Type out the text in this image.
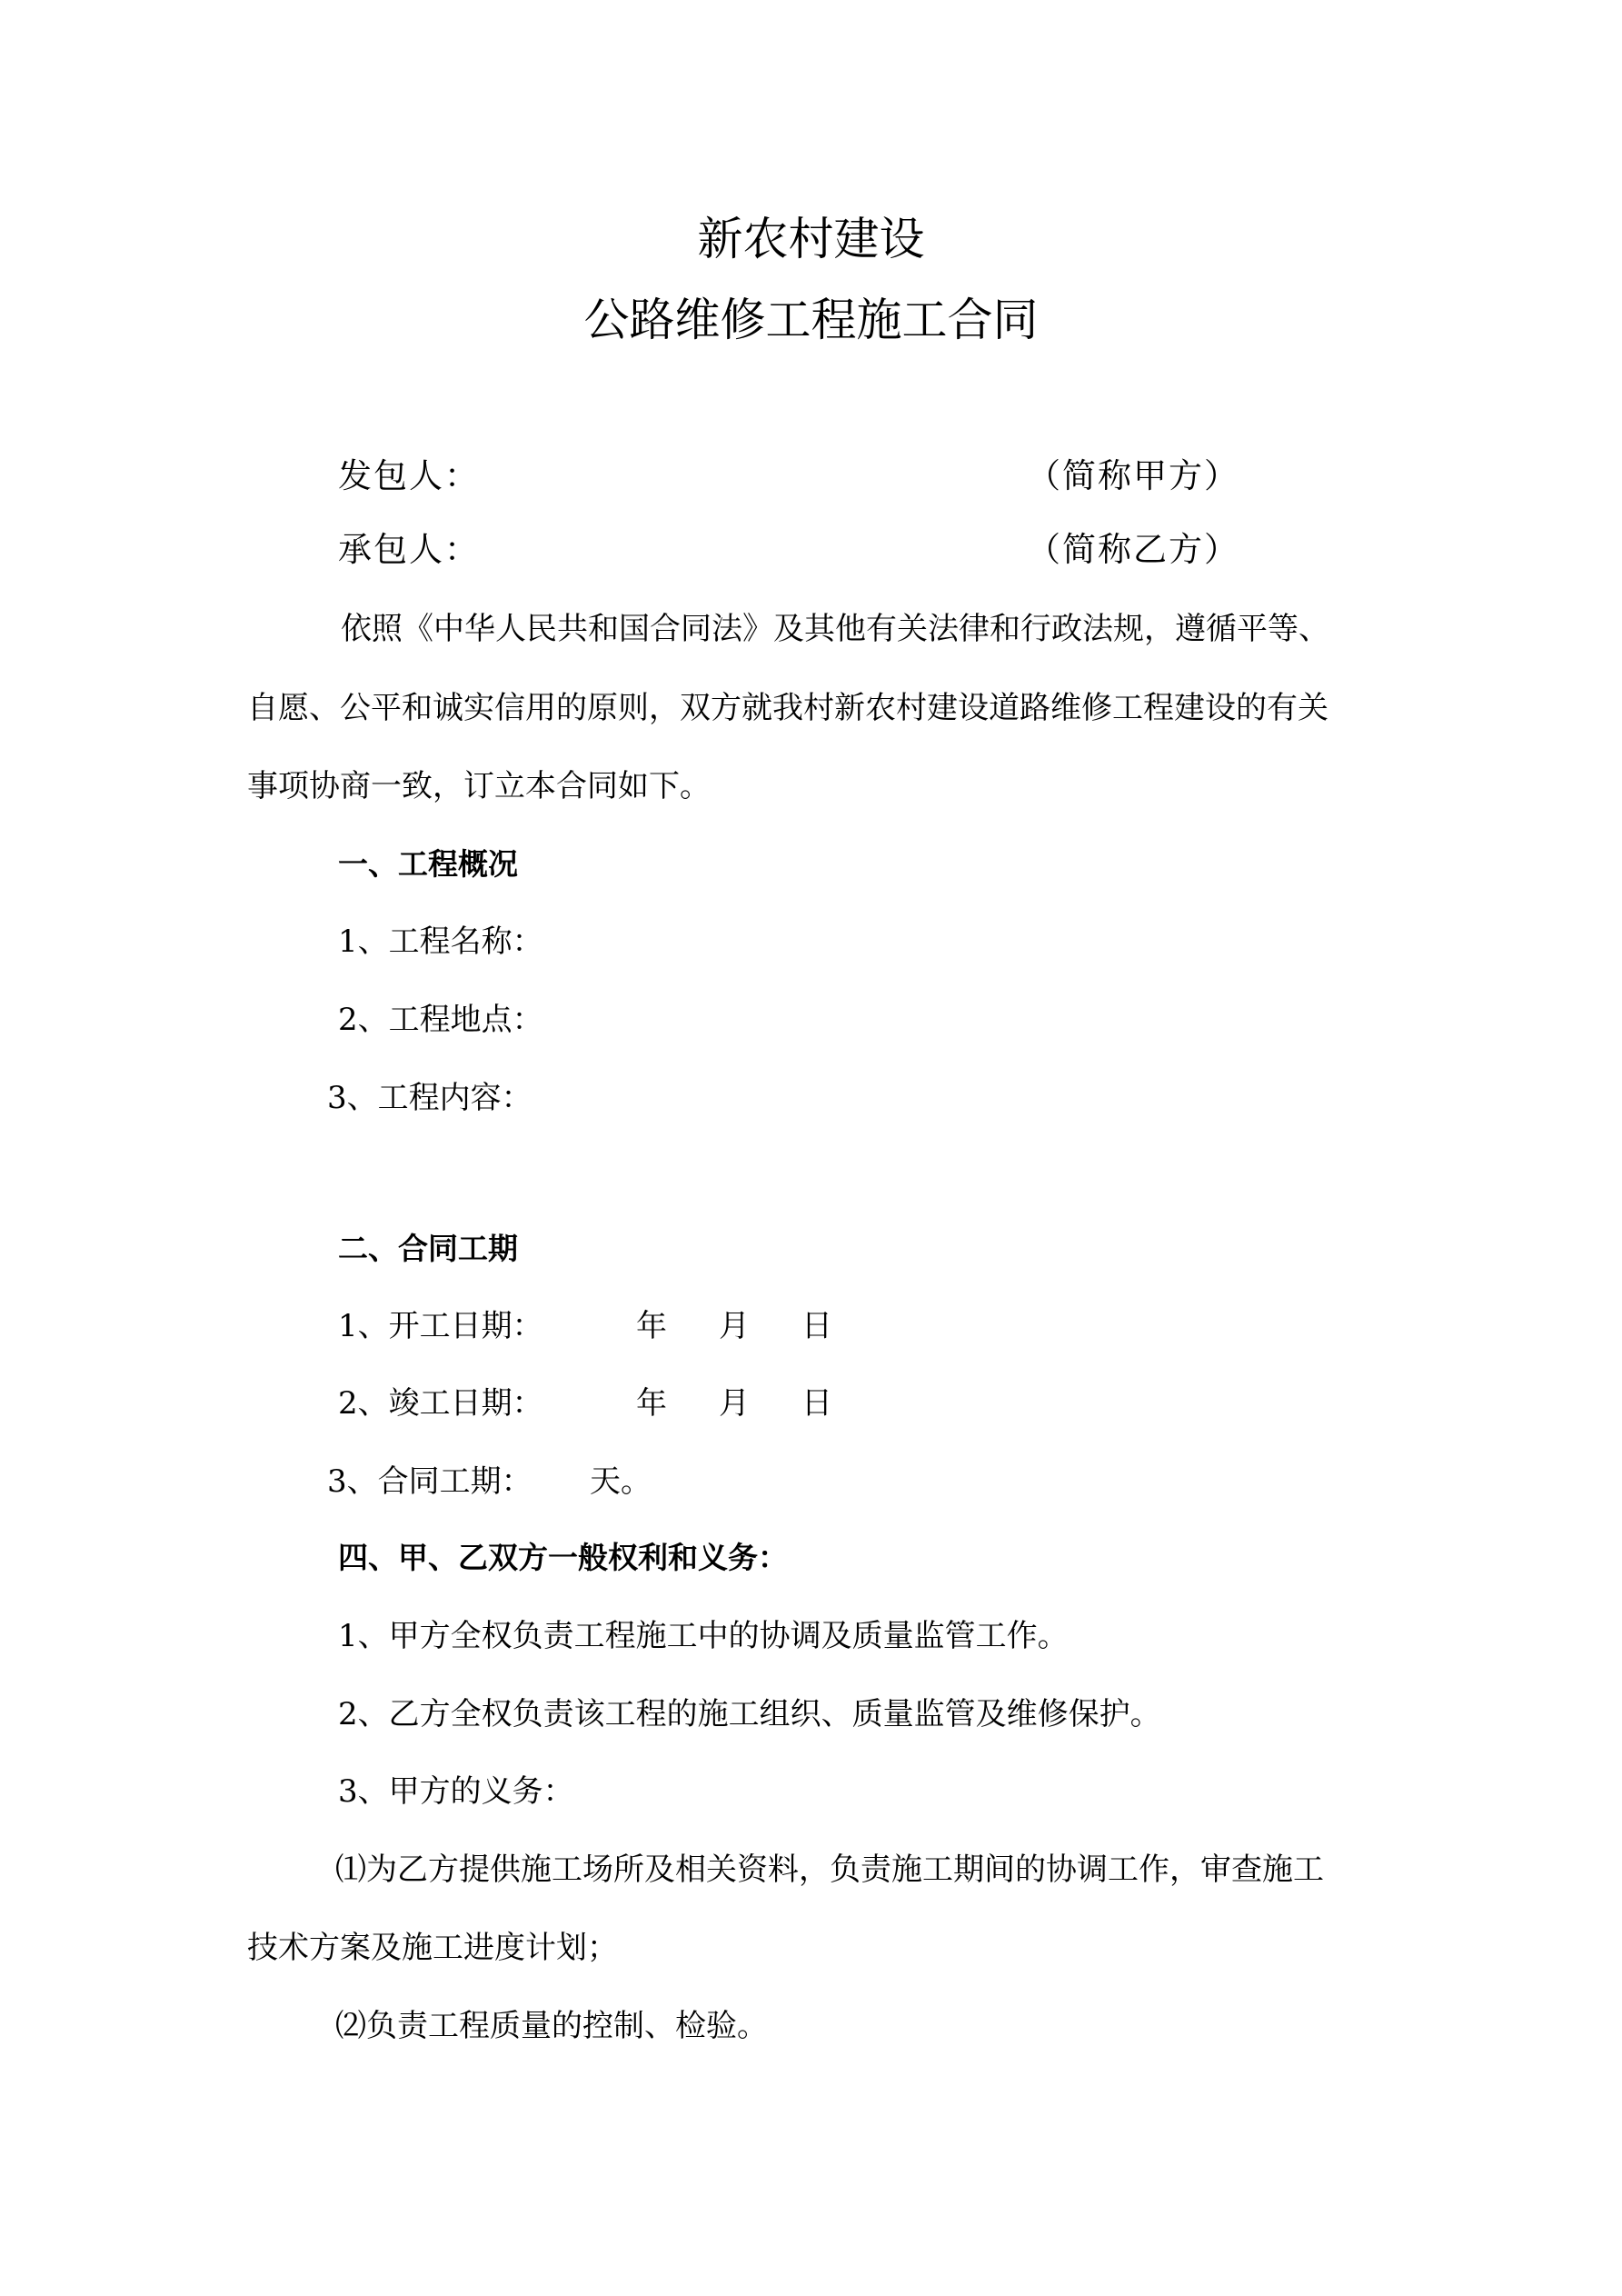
新农村建设
公路维修工程施工合同
发包人：	（简称甲方）
承包人：	（简称乙方）
依照《中华人民共和国合同法》及其他有关法律和行政法规，遵循平等、
自愿、公平和诚实信用的原则，双方就我村新农村建设道路维修工程建设的有关
事项协商一致，订立本合同如下。
一、工程概况
1、工程名称：
2、工程地点：
3、工程内容：
二、合同工期
1、开工日期：	年 月 日
2、竣工日期：	年 月 日
3、合同工期： 天。
四、甲、乙双方一般权利和义务：
1、甲方全权负责工程施工中的协调及质量监管工作。
2、乙方全权负责该工程的施工组织、质量监管及维修保护。
3、甲方的义务：
⑴为乙方提供施工场所及相关资料，负责施工期间的协调工作，审查施工
技术方案及施工进度计划；
⑵负责工程质量的控制、检验。
